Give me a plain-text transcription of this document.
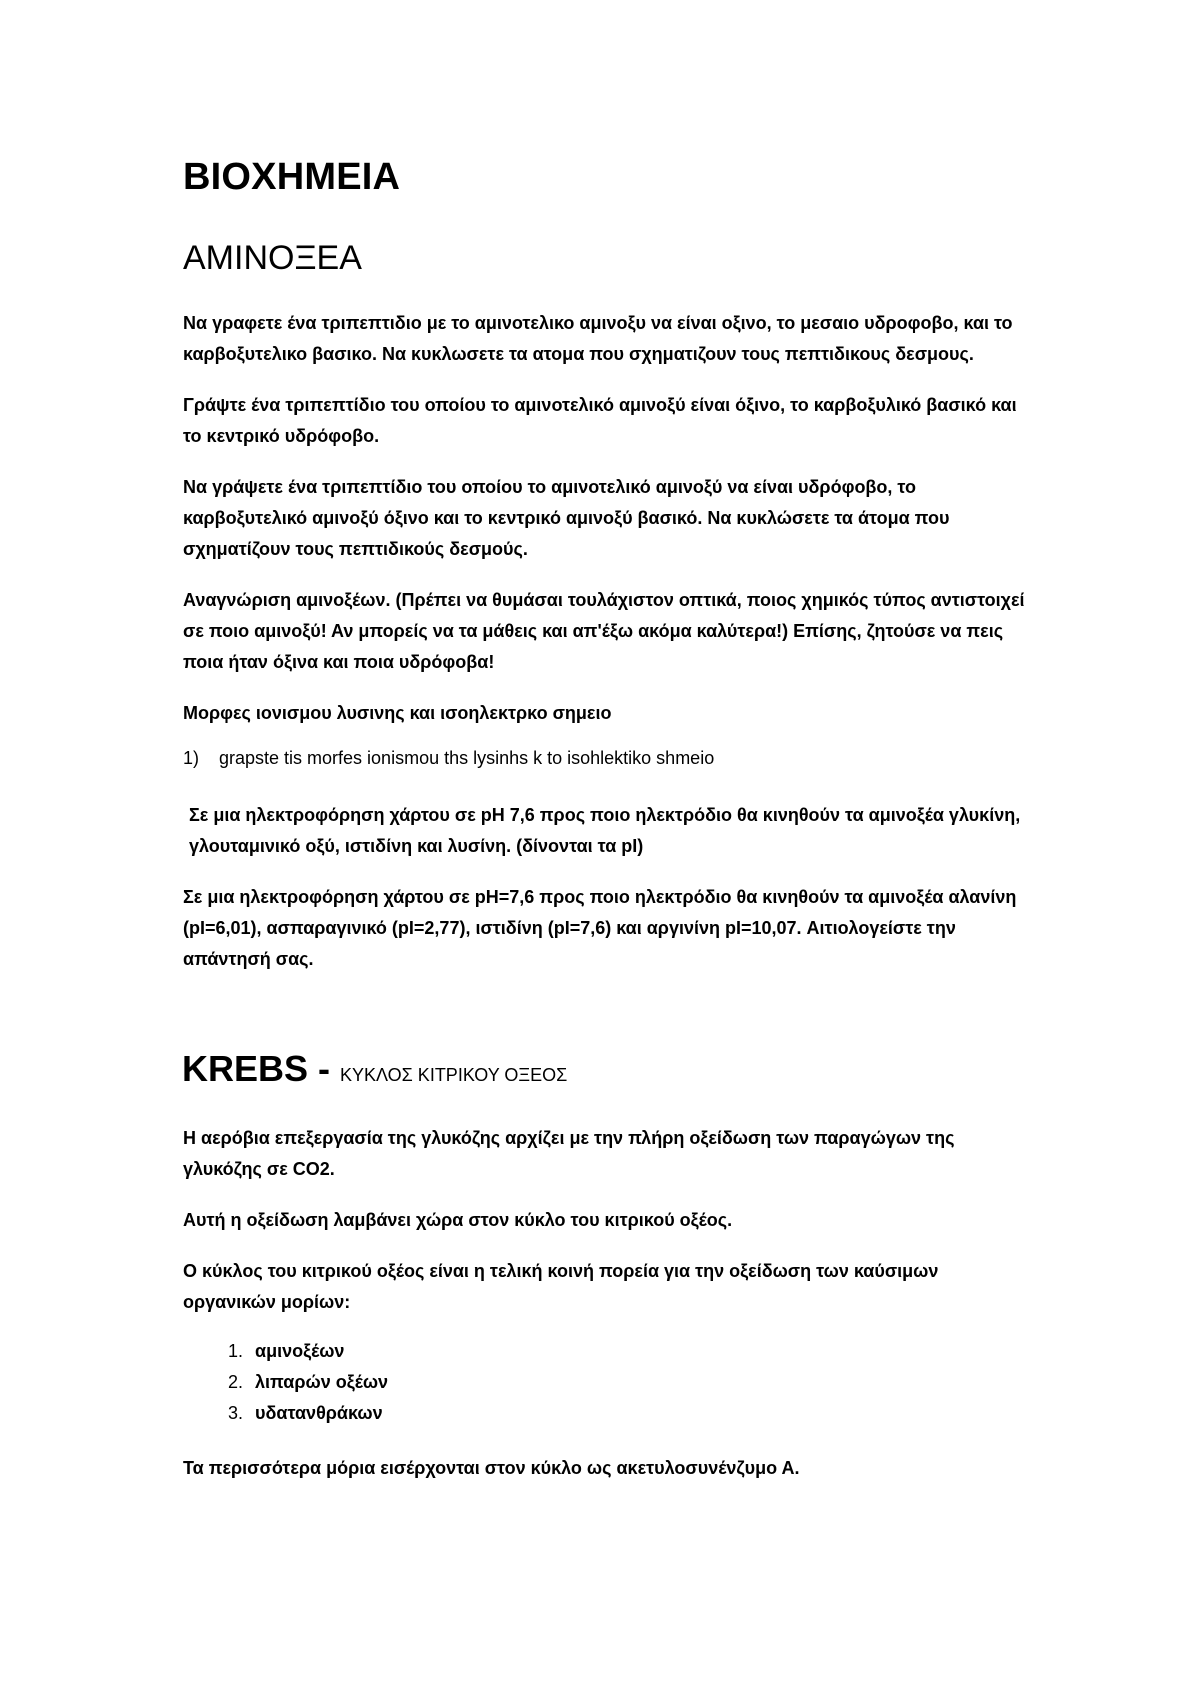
ΒΙΟΧΗΜΕΙΑ
ΑΜΙΝΟΞΕΑ

Να γραφετε ένα τριπεπτιδιο με το αμινοτελικο αμινοξυ να είναι οξινο, το μεσαιο υδροφοβο, και το καρβοξυτελικο βασικο. Να κυκλωσετε τα ατομα που σχηματιζουν τους πεπτιδικους δεσμους.

Γράψτε ένα τριπεπτίδιο του οποίου το αμινοτελικό αμινοξύ είναι όξινο, το καρβοξυλικό βασικό και το κεντρικό υδρόφοβο.

Να γράψετε ένα τριπεπτίδιο του οποίου το αμινοτελικό αμινοξύ να είναι υδρόφοβο, το καρβοξυτελικό αμινοξύ όξινο και το κεντρικό αμινοξύ βασικό. Να κυκλώσετε τα άτομα που σχηματίζουν τους πεπτιδικούς δεσμούς.

Αναγνώριση αμινοξέων. (Πρέπει να θυμάσαι τουλάχιστον οπτικά, ποιος χημικός τύπος αντιστοιχεί σε ποιο αμινοξύ! Αν μπορείς να τα μάθεις και απ'έξω ακόμα καλύτερα!) Επίσης, ζητούσε να πεις ποια ήταν όξινα και ποια υδρόφοβα!

Μορφες ιονισμου λυσινης και ισοηλεκτρκο σημειο

1)	grapste tis morfes ionismou ths lysinhs k to isohlektiko shmeio

Σε μια ηλεκτροφόρηση χάρτου σε pH 7,6 προς ποιο ηλεκτρόδιο θα κινηθούν τα αμινοξέα γλυκίνη, γλουταμινικό οξύ, ιστιδίνη και λυσίνη. (δίνονται τα pI)

Σε μια ηλεκτροφόρηση χάρτου σε pH=7,6 προς ποιο ηλεκτρόδιο θα κινηθούν τα αμινοξέα αλανίνη (pI=6,01), ασπαραγινικό (pI=2,77), ιστιδίνη (pI=7,6) και αργινίνη pI=10,07. Αιτιολογείστε την απάντησή σας.

KREBS - ΚΥΚΛΟΣ ΚΙΤΡΙΚΟΥ ΟΞΕΟΣ

Η αερόβια επεξεργασία της γλυκόζης αρχίζει με την πλήρη οξείδωση των παραγώγων της γλυκόζης σε CO2.

Αυτή η οξείδωση λαμβάνει χώρα στον κύκλο του κιτρικού οξέος.

Ο κύκλος του κιτρικού οξέος είναι η τελική κοινή πορεία για την οξείδωση των καύσιμων οργανικών μορίων:

1. αμινοξέων
2. λιπαρών οξέων
3. υδατανθράκων

Τα περισσότερα μόρια εισέρχονται στον κύκλο ως ακετυλοσυνένζυμο Α.
